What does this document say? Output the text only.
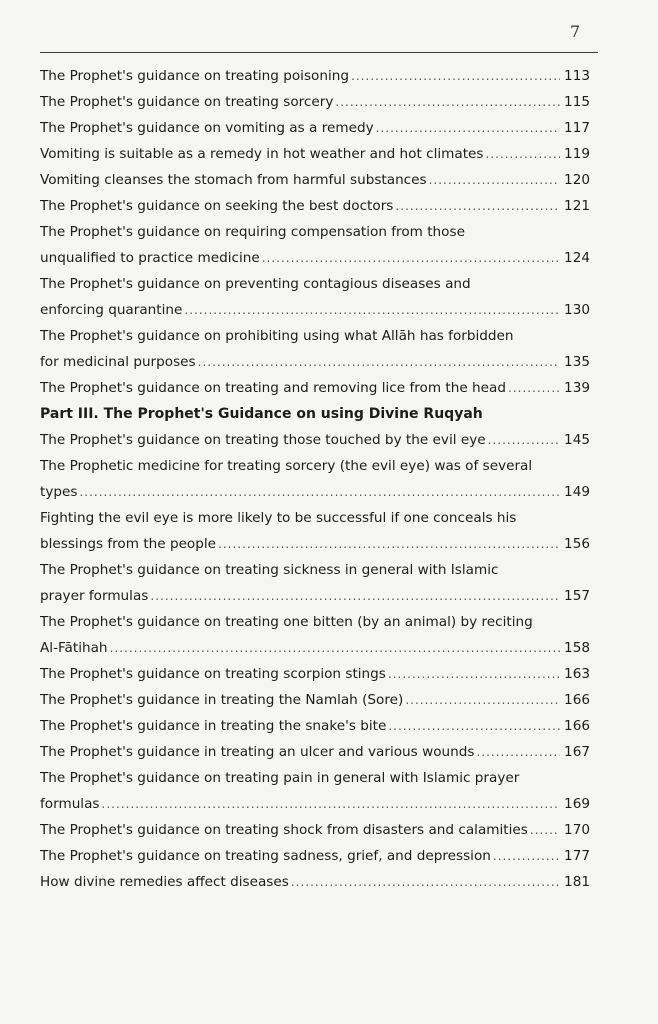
7
The Prophet's guidance on treating poisoning .....	113
The Prophet's guidance on treating sorcery .....	115
The Prophet's guidance on vomiting as a remedy .....	117
Vomiting is suitable as a remedy in hot weather and hot climates .....	119
Vomiting cleanses the stomach from harmful substances .....	120
The Prophet's guidance on seeking the best doctors .....	121
The Prophet's guidance on requiring compensation from those
unqualified to practice medicine .....	124
The Prophet's guidance on preventing contagious diseases and
enforcing quarantine .....	130
The Prophet's guidance on prohibiting using what Allāh has forbidden
for medicinal purposes .....	135
The Prophet's guidance on treating and removing lice from the head .....	139
Part III. The Prophet's Guidance on using Divine Ruqyah
The Prophet's guidance on treating those touched by the evil eye .....	145
The Prophetic medicine for treating sorcery (the evil eye) was of several
types .....	149
Fighting the evil eye is more likely to be successful if one conceals his
blessings from the people .....	156
The Prophet's guidance on treating sickness in general with Islamic
prayer formulas .....	157
The Prophet's guidance on treating one bitten (by an animal) by reciting
Al-Fātihah .....	158
The Prophet's guidance on treating scorpion stings .....	163
The Prophet's guidance in treating the Namlah (Sore) .....	166
The Prophet's guidance in treating the snake's bite .....	166
The Prophet's guidance in treating an ulcer and various wounds .....	167
The Prophet's guidance on treating pain in general with Islamic prayer
formulas .....	169
The Prophet's guidance on treating shock from disasters and calamities .....	170
The Prophet's guidance on treating sadness, grief, and depression .....	177
How divine remedies affect diseases .....	181
